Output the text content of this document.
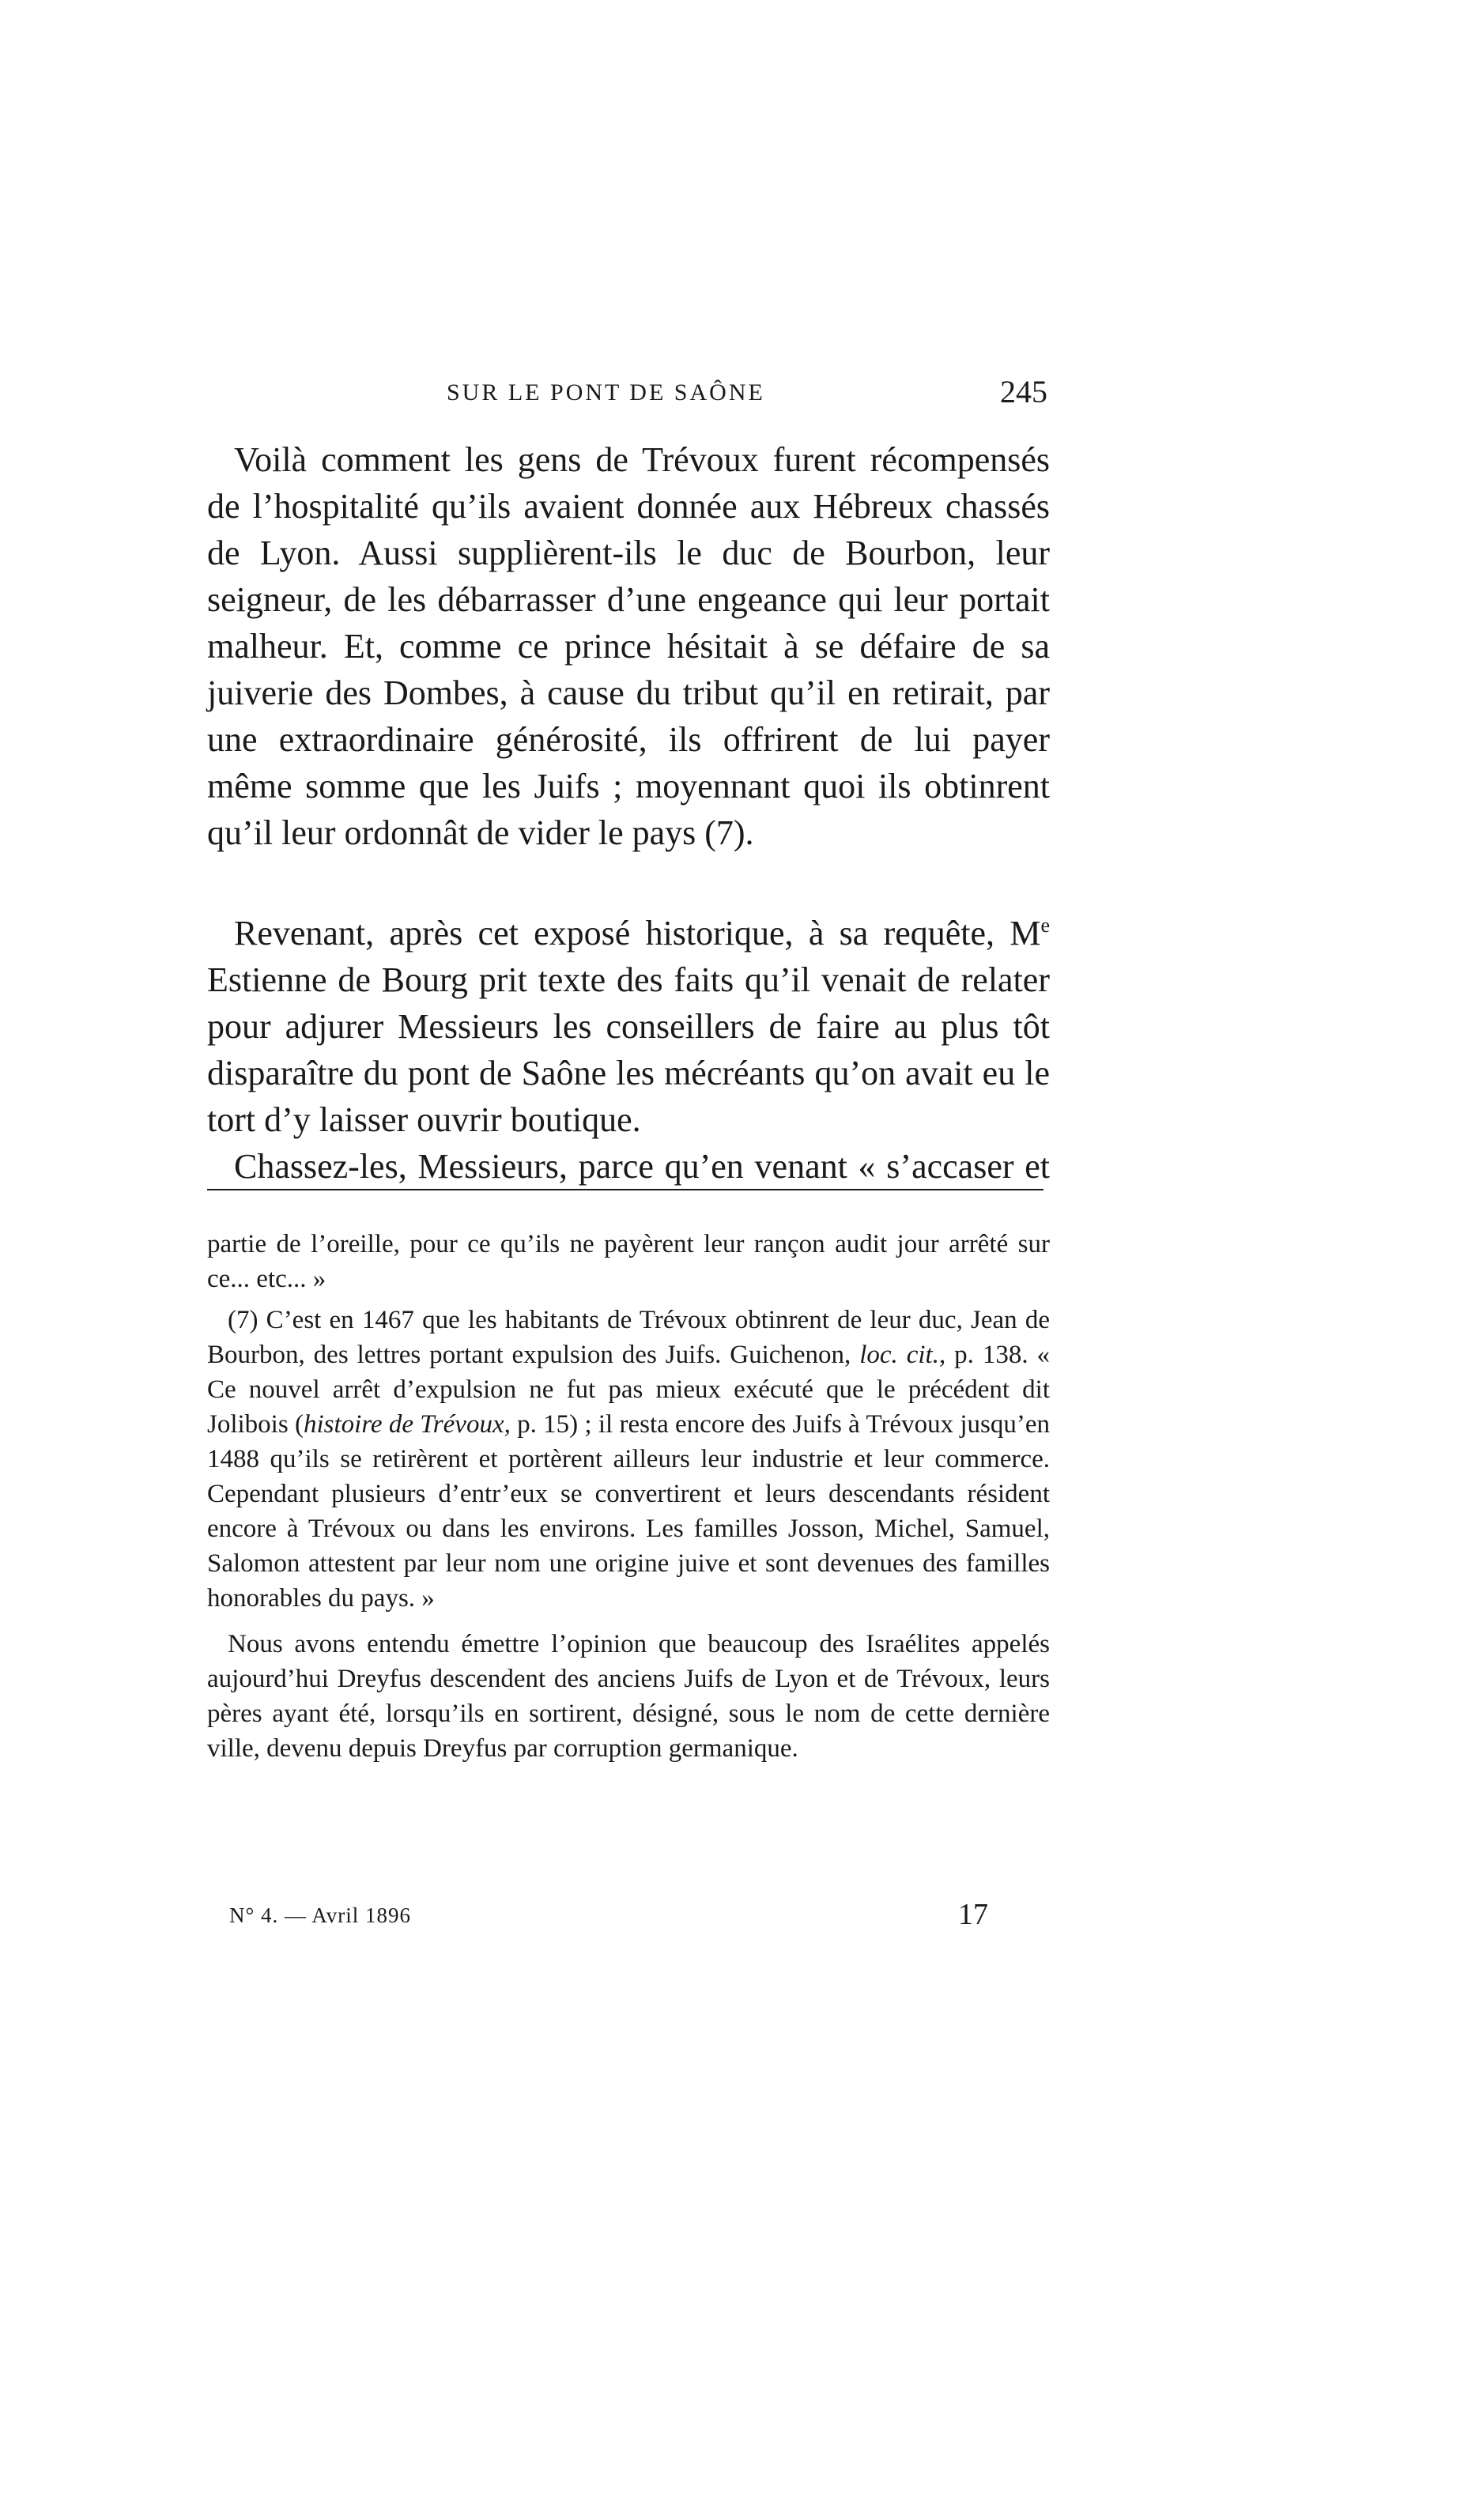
SUR LE PONT DE SAÔNE	245

Voilà comment les gens de Trévoux furent récompensés de l’hospitalité qu’ils avaient donnée aux Hébreux chassés de Lyon. Aussi supplièrent-ils le duc de Bourbon, leur seigneur, de les débarrasser d’une engeance qui leur portait malheur. Et, comme ce prince hésitait à se défaire de sa juiverie des Dombes, à cause du tribut qu’il en retirait, par une extraordinaire générosité, ils offrirent de lui payer même somme que les Juifs ; moyennant quoi ils obtinrent qu’il leur ordonnât de vider le pays (7).

Revenant, après cet exposé historique, à sa requête, Me Estienne de Bourg prit texte des faits qu’il venait de relater pour adjurer Messieurs les conseillers de faire au plus tôt disparaître du pont de Saône les mécréants qu’on avait eu le tort d’y laisser ouvrir boutique.

Chassez-les, Messieurs, parce qu’en venant « s’accaser et

partie de l’oreille, pour ce qu’ils ne payèrent leur rançon audit jour arrêté sur ce... etc... »

(7) C’est en 1467 que les habitants de Trévoux obtinrent de leur duc, Jean de Bourbon, des lettres portant expulsion des Juifs. Guichenon, loc. cit., p. 138. « Ce nouvel arrêt d’expulsion ne fut pas mieux exécuté que le précédent dit Jolibois (histoire de Trévoux, p. 15) ; il resta encore des Juifs à Trévoux jusqu’en 1488 qu’ils se retirèrent et portèrent ailleurs leur industrie et leur commerce. Cependant plusieurs d’entr’eux se convertirent et leurs descendants résident encore à Trévoux ou dans les environs. Les familles Josson, Michel, Samuel, Salomon attestent par leur nom une origine juive et sont devenues des familles honorables du pays. »

Nous avons entendu émettre l’opinion que beaucoup des Israélites appelés aujourd’hui Dreyfus descendent des anciens Juifs de Lyon et de Trévoux, leurs pères ayant été, lorsqu’ils en sortirent, désigné, sous le nom de cette dernière ville, devenu depuis Dreyfus par corruption germanique.

N° 4. — Avril 1896	17
